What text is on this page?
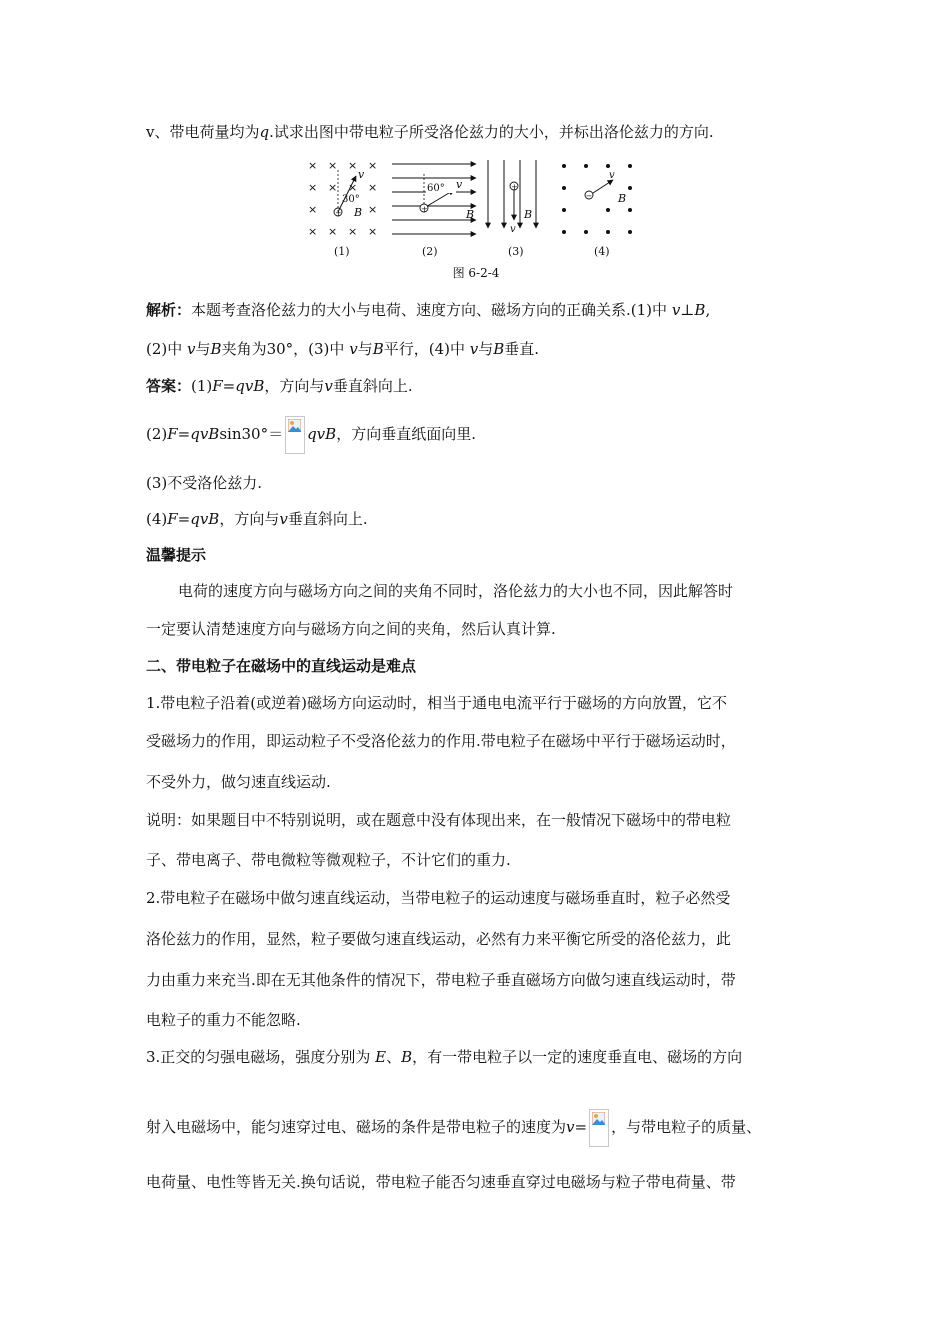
v、带电荷量均为q.试求出图中带电粒子所受洛伦兹力的大小，并标出洛伦兹力的方向.
× × × ×
× × × ×
×	×
× × × ×
+
v
30°
B
(1)
60° v
+	B
(2)
+
v
B
(3)
−
v
B
(4)
图 6-2-4
解析：本题考查洛伦兹力的大小与电荷、速度方向、磁场方向的正确关系.(1)中 v⊥B,
(2)中 v与B夹角为30°，(3)中 v与B平行，(4)中 v与B垂直.
答案：(1)F=qvB，方向与v垂直斜向上.
(2)F=qvBsin30°＝ qvB，方向垂直纸面向里.
(3)不受洛伦兹力.
(4)F=qvB，方向与v垂直斜向上.
温馨提示
电荷的速度方向与磁场方向之间的夹角不同时，洛伦兹力的大小也不同，因此解答时
一定要认清楚速度方向与磁场方向之间的夹角，然后认真计算.
二、带电粒子在磁场中的直线运动是难点
1.带电粒子沿着(或逆着)磁场方向运动时，相当于通电电流平行于磁场的方向放置，它不
受磁场力的作用，即运动粒子不受洛伦兹力的作用.带电粒子在磁场中平行于磁场运动时，
不受外力，做匀速直线运动.
说明：如果题目中不特别说明，或在题意中没有体现出来，在一般情况下磁场中的带电粒
子、带电离子、带电微粒等微观粒子，不计它们的重力.
2.带电粒子在磁场中做匀速直线运动，当带电粒子的运动速度与磁场垂直时，粒子必然受
洛伦兹力的作用，显然，粒子要做匀速直线运动，必然有力来平衡它所受的洛伦兹力，此
力由重力来充当.即在无其他条件的情况下，带电粒子垂直磁场方向做匀速直线运动时，带
电粒子的重力不能忽略.
3.正交的匀强电磁场，强度分别为 E、B，有一带电粒子以一定的速度垂直电、磁场的方向
射入电磁场中，能匀速穿过电、磁场的条件是带电粒子的速度为v= ，与带电粒子的质量、
电荷量、电性等皆无关.换句话说，带电粒子能否匀速垂直穿过电磁场与粒子带电荷量、带
